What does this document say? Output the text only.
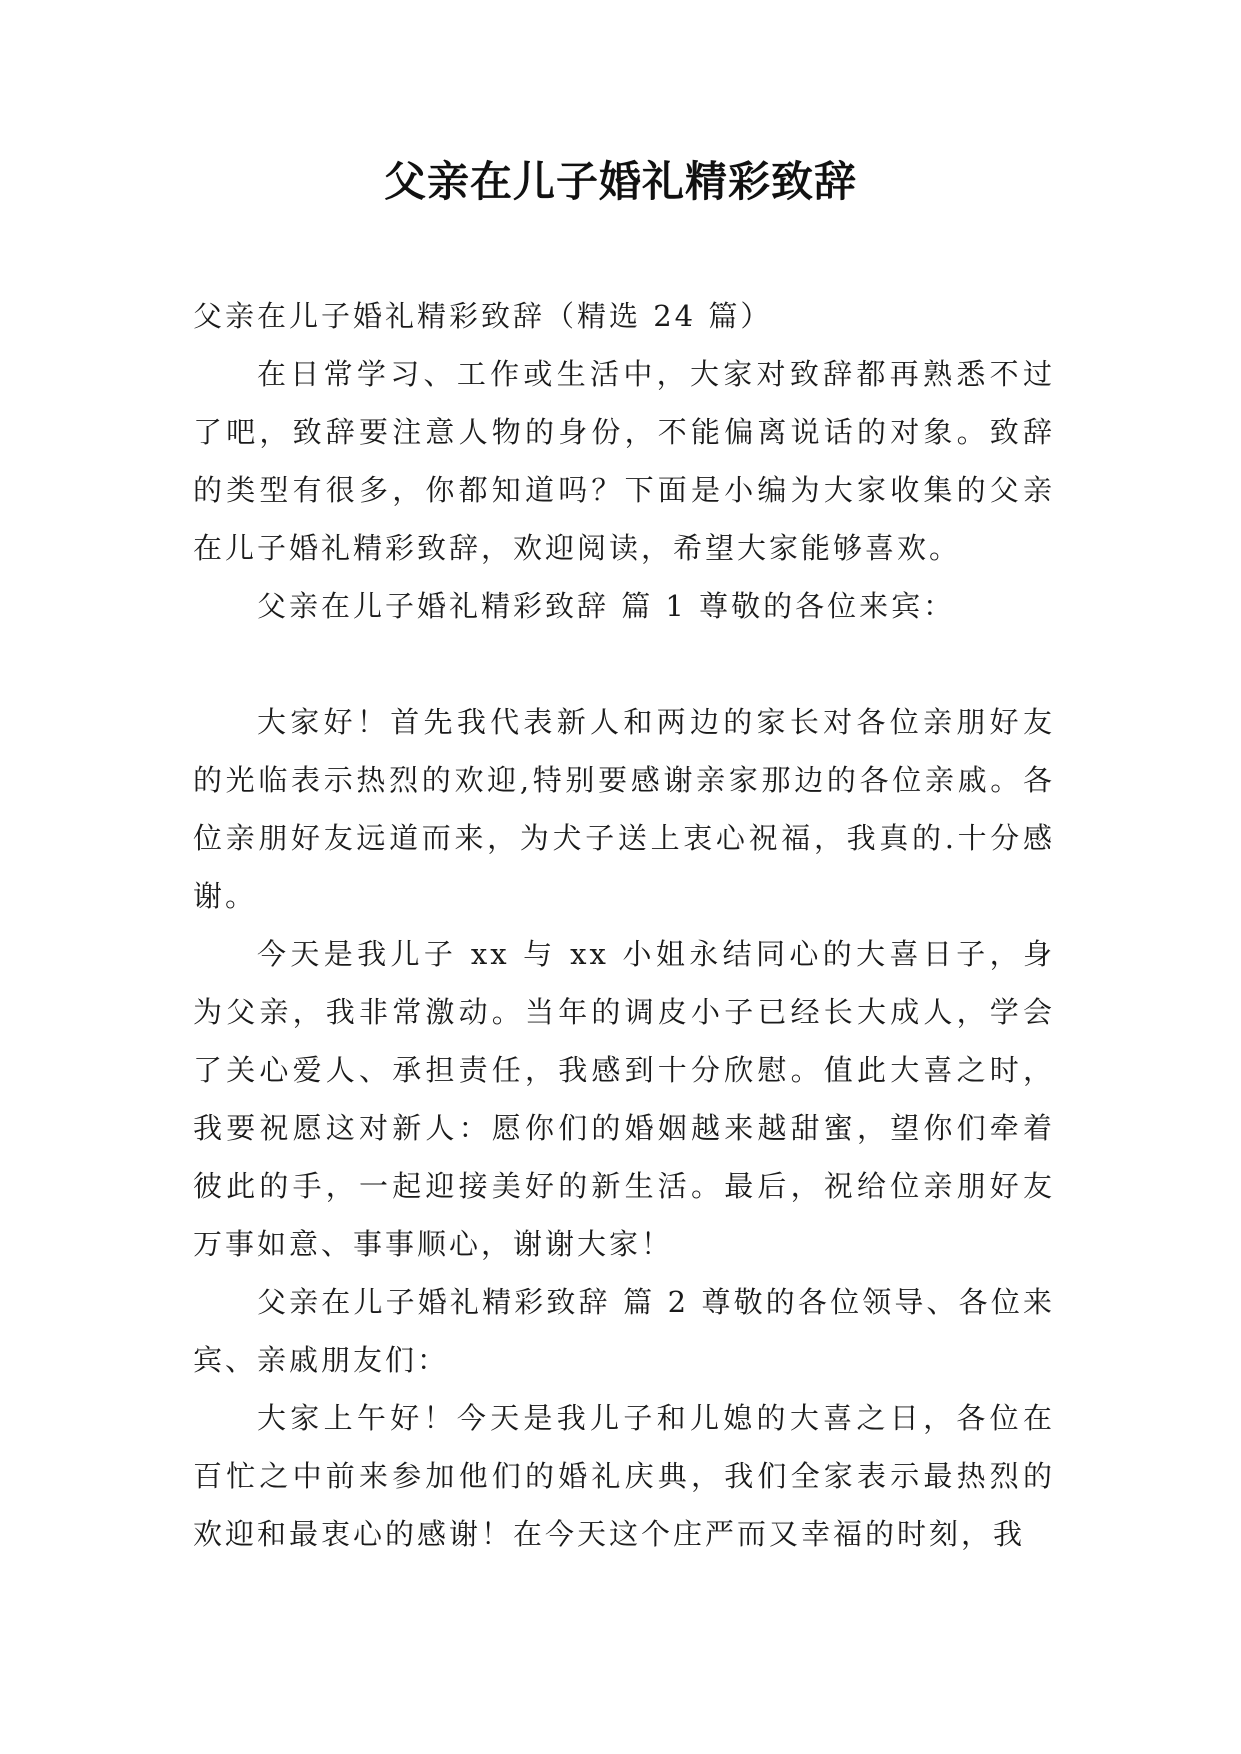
父亲在儿子婚礼精彩致辞

父亲在儿子婚礼精彩致辞（精选 24 篇）

在日常学习、工作或生活中，大家对致辞都再熟悉不过了吧，致辞要注意人物的身份，不能偏离说话的对象。致辞的类型有很多，你都知道吗？下面是小编为大家收集的父亲在儿子婚礼精彩致辞，欢迎阅读，希望大家能够喜欢。

父亲在儿子婚礼精彩致辞 篇 1 尊敬的各位来宾：

大家好！首先我代表新人和两边的家长对各位亲朋好友的光临表示热烈的欢迎,特别要感谢亲家那边的各位亲戚。各位亲朋好友远道而来，为犬子送上衷心祝福，我真的.十分感谢。

今天是我儿子 xx 与 xx 小姐永结同心的大喜日子，身为父亲，我非常激动。当年的调皮小子已经长大成人，学会了关心爱人、承担责任，我感到十分欣慰。值此大喜之时，我要祝愿这对新人：愿你们的婚姻越来越甜蜜，望你们牵着彼此的手，一起迎接美好的新生活。最后，祝给位亲朋好友万事如意、事事顺心，谢谢大家！

父亲在儿子婚礼精彩致辞 篇 2 尊敬的各位领导、各位来宾、亲戚朋友们：

大家上午好！今天是我儿子和儿媳的大喜之日，各位在百忙之中前来参加他们的婚礼庆典，我们全家表示最热烈的欢迎和最衷心的感谢！在今天这个庄严而又幸福的时刻，我
